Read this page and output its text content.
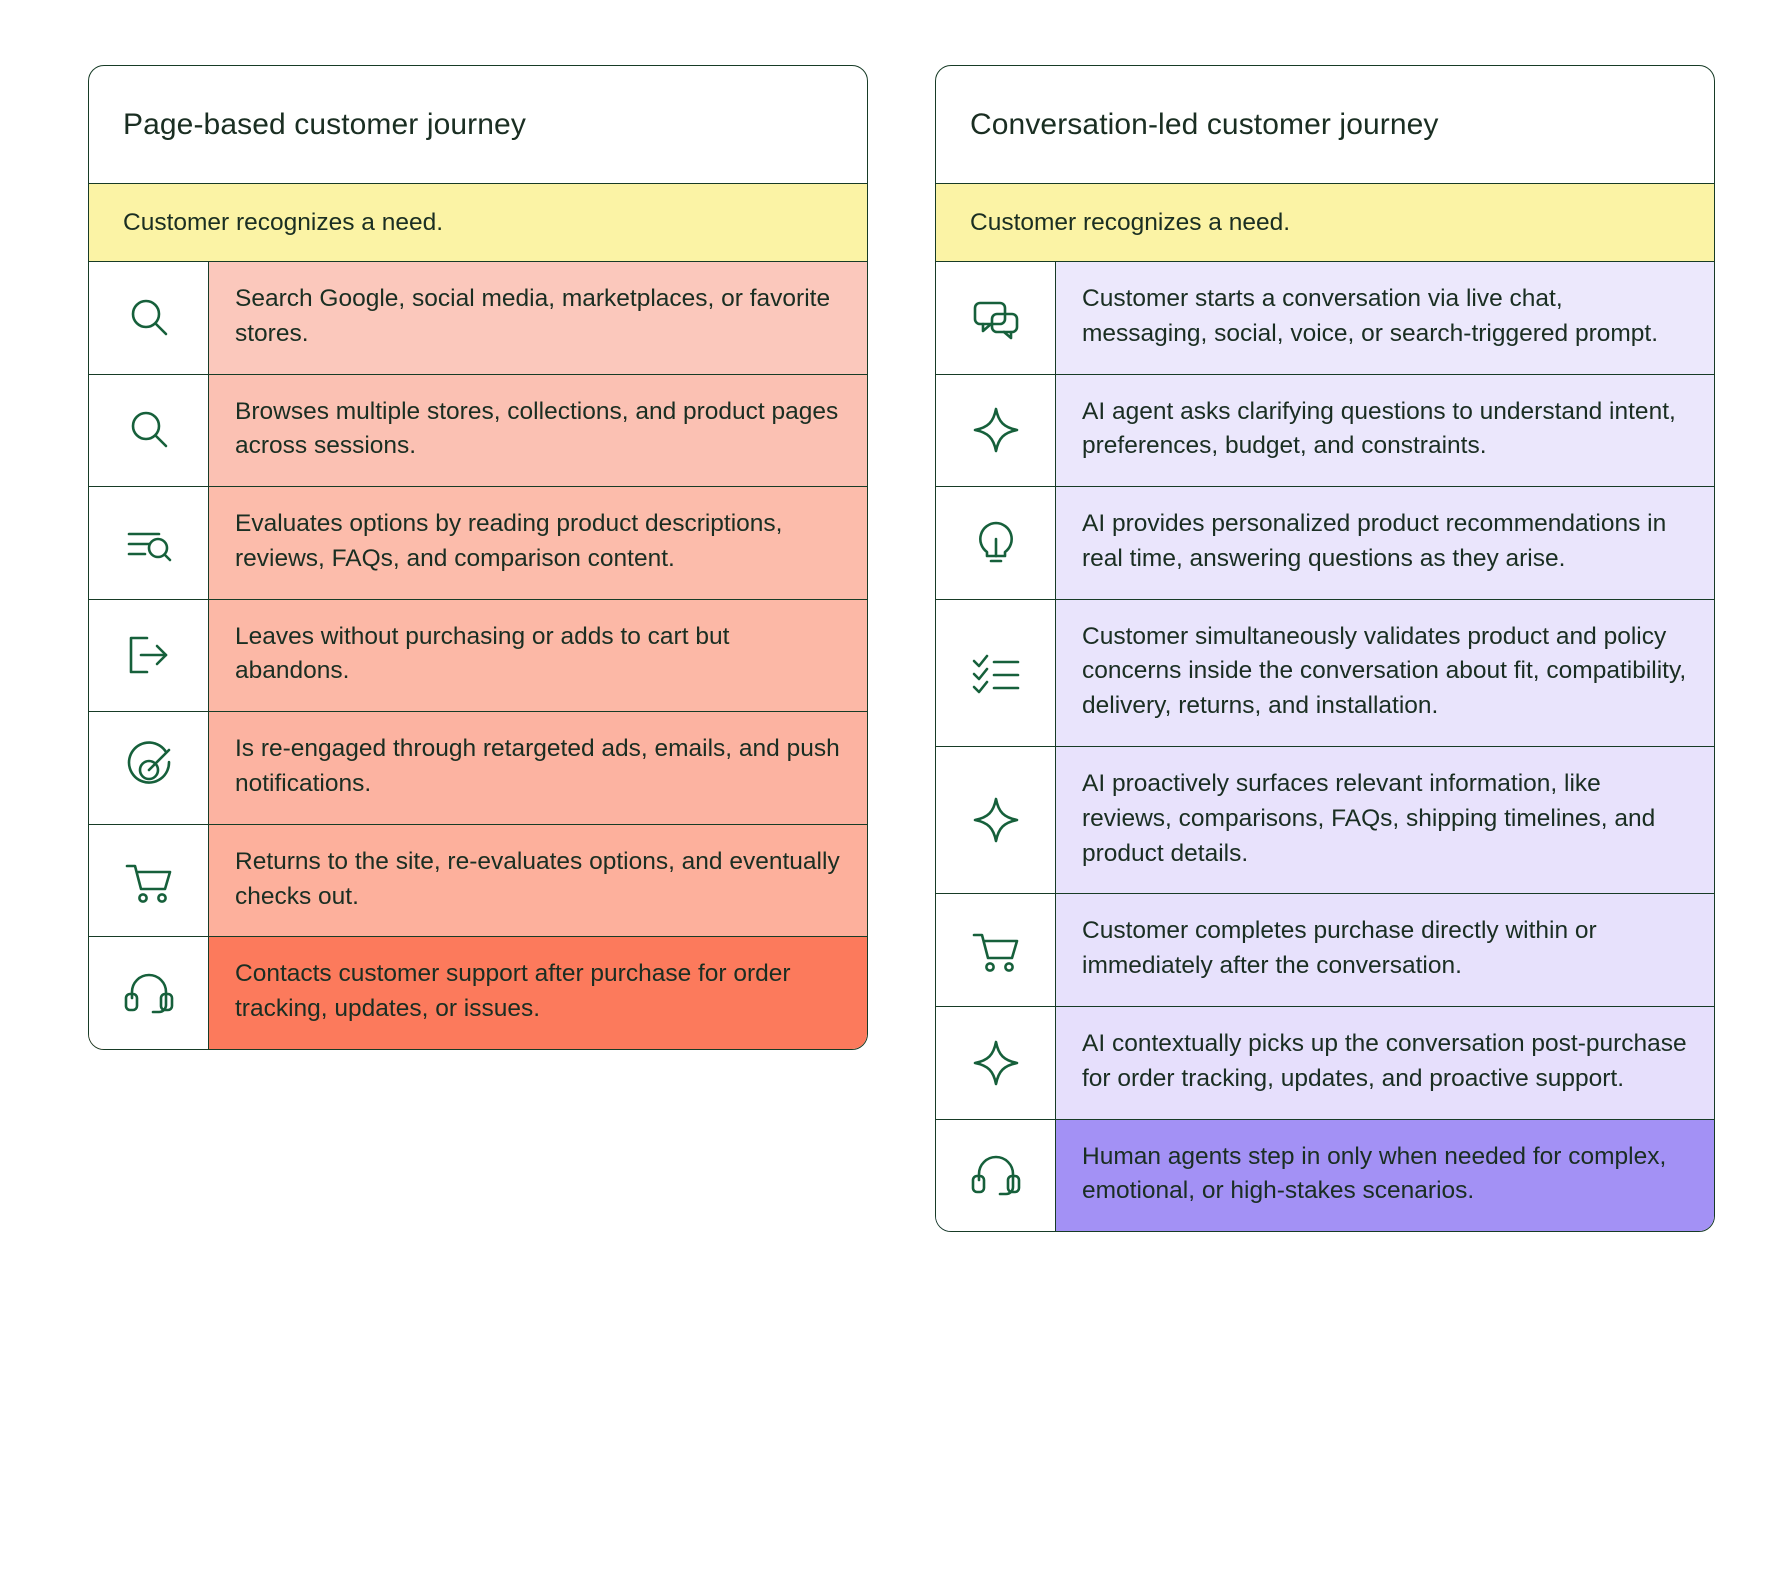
Page-based customer journey
Customer recognizes a need.
Search Google, social media, marketplaces, or favorite stores.
Browses multiple stores, collections, and product pages across sessions.
Evaluates options by reading product descriptions, reviews, FAQs, and comparison content.
Leaves without purchasing or adds to cart but abandons.
Is re-engaged through retargeted ads, emails, and push notifications.
Returns to the site, re-evaluates options, and eventually checks out.
Contacts customer support after purchase for order tracking, updates, or issues.
Conversation-led customer journey
Customer recognizes a need.
Customer starts a conversation via live chat, messaging, social, voice, or search-triggered prompt.
AI agent asks clarifying questions to understand intent, preferences, budget, and constraints.
AI provides personalized product recommendations in real time, answering questions as they arise.
Customer simultaneously validates product and policy concerns inside the conversation about fit, compatibility, delivery, returns, and installation.
AI proactively surfaces relevant information, like reviews, comparisons, FAQs, shipping timelines, and product details.
Customer completes purchase directly within or immediately after the conversation.
AI contextually picks up the conversation post-purchase for order tracking, updates, and proactive support.
Human agents step in only when needed for complex, emotional, or high-stakes scenarios.
